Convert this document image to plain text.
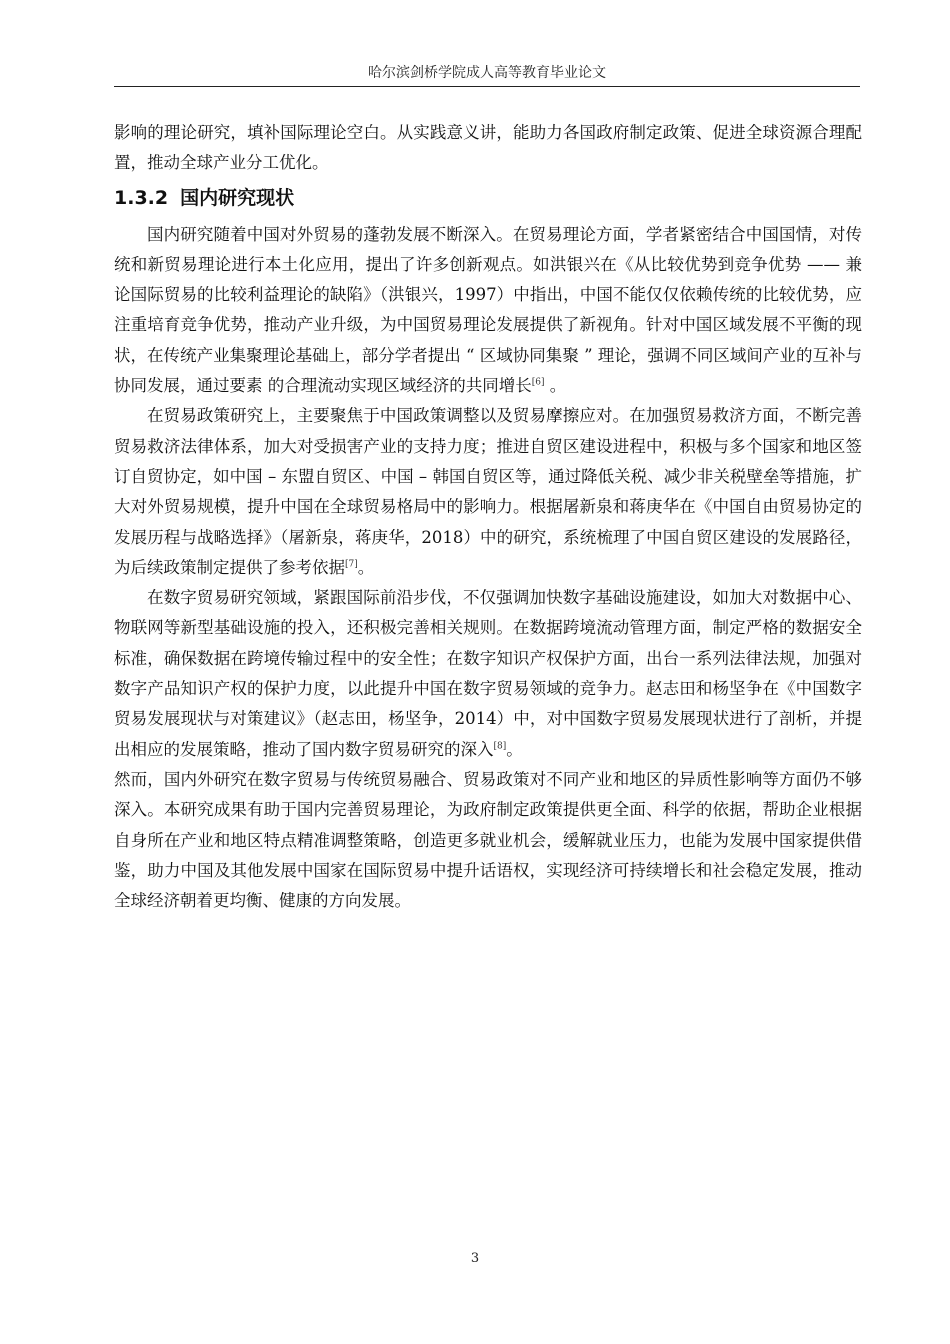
哈尔滨剑桥学院成人高等教育毕业论文

影响的理论研究，填补国际理论空白。从实践意义讲，能助力各国政府制定政策、促进全球资源合理配置，推动全球产业分工优化。

1.3.2 国内研究现状

国内研究随着中国对外贸易的蓬勃发展不断深入。在贸易理论方面，学者紧密结合中国国情，对传统和新贸易理论进行本土化应用，提出了许多创新观点。如洪银兴在《从比较优势到竞争优势 —— 兼论国际贸易的比较利益理论的缺陷》（洪银兴，1997）中指出，中国不能仅仅依赖传统的比较优势，应注重培育竞争优势，推动产业升级，为中国贸易理论发展提供了新视角。针对中国区域发展不平衡的现状，在传统产业集聚理论基础上，部分学者提出 “ 区域协同集聚 ” 理论，强调不同区域间产业的互补与协同发展，通过要素 的合理流动实现区域经济的共同增长[6] 。

在贸易政策研究上，主要聚焦于中国政策调整以及贸易摩擦应对。在加强贸易救济方面，不断完善贸易救济法律体系，加大对受损害产业的支持力度；推进自贸区建设进程中，积极与多个国家和地区签订自贸协定，如中国 – 东盟自贸区、中国 – 韩国自贸区等，通过降低关税、减少非关税壁垒等措施，扩大对外贸易规模，提升中国在全球贸易格局中的影响力。根据屠新泉和蒋庚华在《中国自由贸易协定的发展历程与战略选择》（屠新泉，蒋庚华，2018）中的研究，系统梳理了中国自贸区建设的发展路径，为后续政策制定提供了参考依据[7]。

在数字贸易研究领域，紧跟国际前沿步伐，不仅强调加快数字基础设施建设，如加大对数据中心、物联网等新型基础设施的投入，还积极完善相关规则。在数据跨境流动管理方面，制定严格的数据安全标准，确保数据在跨境传输过程中的安全性；在数字知识产权保护方面，出台一系列法律法规，加强对数字产品知识产权的保护力度，以此提升中国在数字贸易领域的竞争力。赵志田和杨坚争在《中国数字贸易发展现状与对策建议》（赵志田，杨坚争，2014）中，对中国数字贸易发展现状进行了剖析，并提出相应的发展策略，推动了国内数字贸易研究的深入[8]。

然而，国内外研究在数字贸易与传统贸易融合、贸易政策对不同产业和地区的异质性影响等方面仍不够深入。本研究成果有助于国内完善贸易理论，为政府制定政策提供更全面、科学的依据，帮助企业根据自身所在产业和地区特点精准调整策略，创造更多就业机会，缓解就业压力，也能为发展中国家提供借鉴，助力中国及其他发展中国家在国际贸易中提升话语权，实现经济可持续增长和社会稳定发展，推动全球经济朝着更均衡、健康的方向发展。

3
